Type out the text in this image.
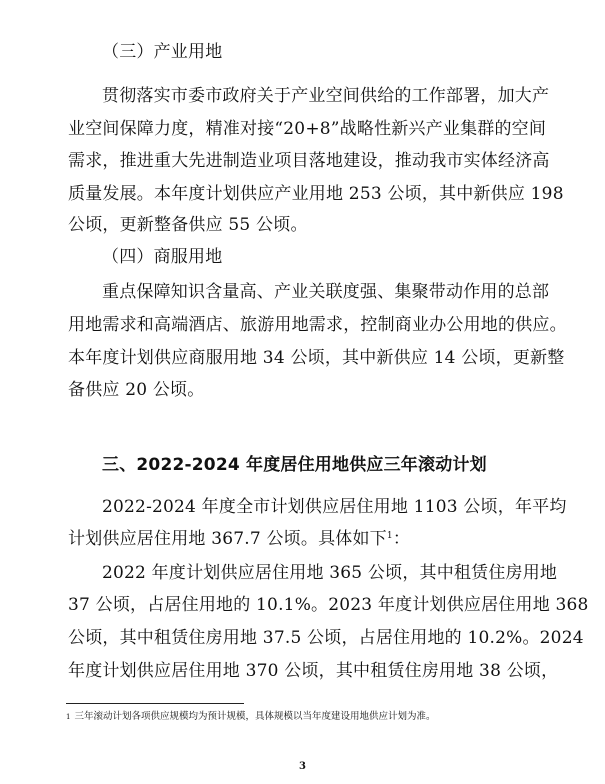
（三）产业用地
贯彻落实市委市政府关于产业空间供给的工作部署，加大产
业空间保障力度，精准对接“20+8”战略性新兴产业集群的空间
需求，推进重大先进制造业项目落地建设，推动我市实体经济高
质量发展。本年度计划供应产业用地 253 公顷，其中新供应 198
公顷，更新整备供应 55 公顷。
（四）商服用地
重点保障知识含量高、产业关联度强、集聚带动作用的总部
用地需求和高端酒店、旅游用地需求，控制商业办公用地的供应。
本年度计划供应商服用地 34 公顷，其中新供应 14 公顷，更新整
备供应 20 公顷。
三、2022-2024 年度居住用地供应三年滚动计划
2022-2024 年度全市计划供应居住用地 1103 公顷，年平均
计划供应居住用地 367.7 公顷。具体如下$^1$：
2022 年度计划供应居住用地 365 公顷，其中租赁住房用地
37 公顷，占居住用地的 10.1%。2023 年度计划供应居住用地 368
公顷，其中租赁住房用地 37.5 公顷，占居住用地的 10.2%。2024
年度计划供应居住用地 370 公顷，其中租赁住房用地 38 公顷，
$^1$ 三年滚动计划各项供应规模均为预计规模，具体规模以当年度建设用地供应计划为准。
3
